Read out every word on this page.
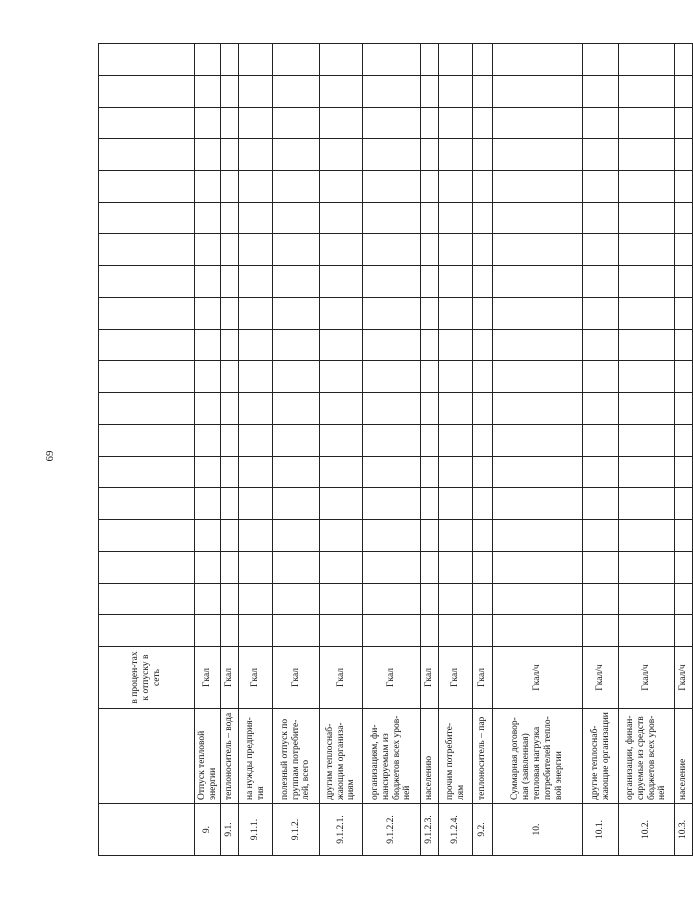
69
		в процен-тах к отпуску в сеть																			
9.	Отпуск тепловой энергии	Гкал																			
9.1.	теплоноситель – вода	Гкал																			
9.1.1.	на нужды предприя-тия	Гкал																			
9.1.2.	полезный отпуск по группам потребите-лей, всего	Гкал																			
9.1.2.1.	другим теплоснаб-жающим организа-циям	Гкал																			
9.1.2.2.	организациям, фи-нансируемым из бюджетов всех уров-ней	Гкал																			
9.1.2.3.	населению	Гкал																			
9.1.2.4.	прочим потребите-лям	Гкал																			
9.2.	теплоноситель – пар	Гкал																			
10.	Суммарная договор-ная (заявленная) тепловая нагрузка потребителей тепло-вой энергии	Гкал/ч																			
10.1.	другие теплоснаб-жающие организации	Гкал/ч																			
10.2.	организации, финан-сируемые из средств бюджетов всех уров-ней	Гкал/ч																			
10.3.	население	Гкал/ч																			
